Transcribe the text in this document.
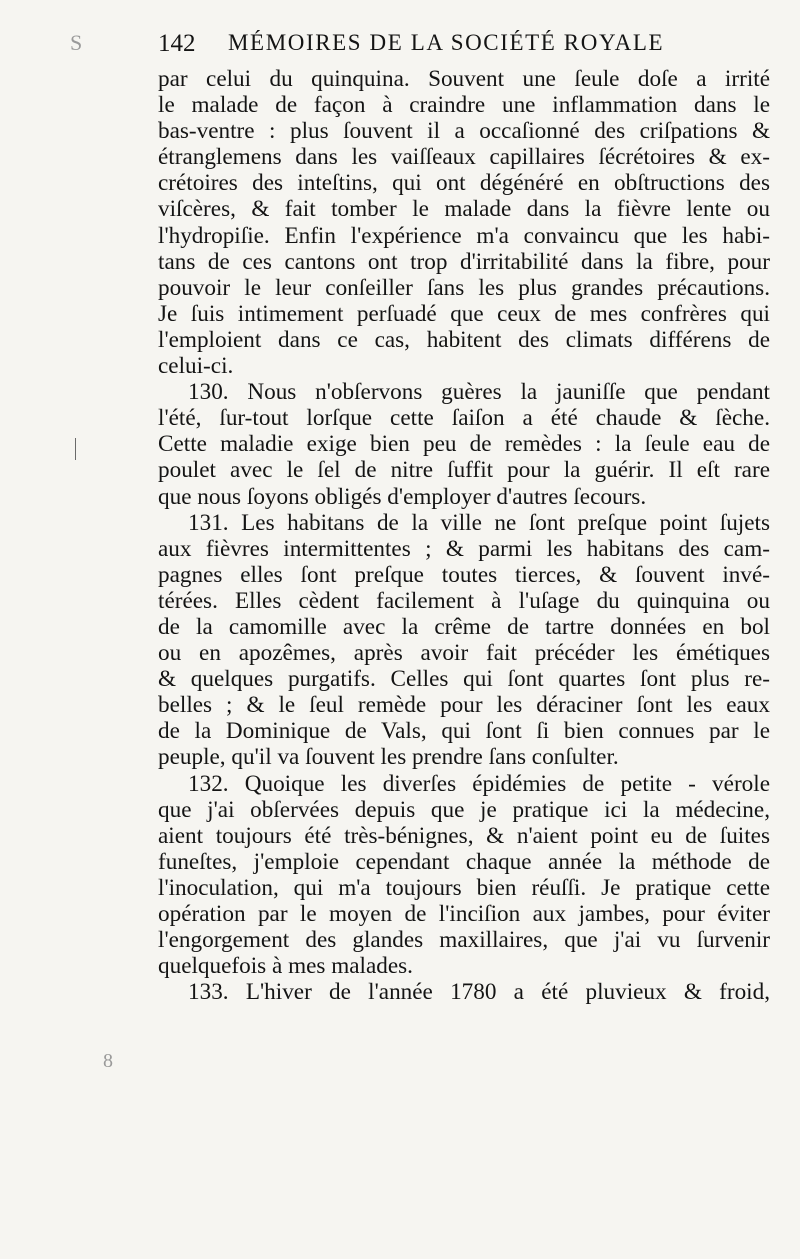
S	142 MÉMOIRES DE LA SOCIÉTÉ ROYALE
par celui du quinquina. Souvent une ſeule doſe a irrité
le malade de façon à craindre une inflammation dans le
bas-ventre : plus ſouvent il a occaſionné des criſpations &
étranglemens dans les vaiſſeaux capillaires ſécrétoires & ex-
crétoires des inteſtins, qui ont dégénéré en obſtructions des
viſcères, & fait tomber le malade dans la fièvre lente ou
l'hydropiſie. Enfin l'expérience m'a convaincu que les habi-
tans de ces cantons ont trop d'irritabilité dans la fibre, pour
pouvoir le leur conſeiller ſans les plus grandes précautions.
Je ſuis intimement perſuadé que ceux de mes confrères qui
l'emploient dans ce cas, habitent des climats différens de
celui-ci.
130. Nous n'obſervons guères la jauniſſe que pendant
l'été, ſur-tout lorſque cette ſaiſon a été chaude & ſèche.
Cette maladie exige bien peu de remèdes : la ſeule eau de
poulet avec le ſel de nitre ſuffit pour la guérir. Il eſt rare
que nous ſoyons obligés d'employer d'autres ſecours.
131. Les habitans de la ville ne ſont preſque point ſujets
aux fièvres intermittentes ; & parmi les habitans des cam-
pagnes elles ſont preſque toutes tierces, & ſouvent invé-
térées. Elles cèdent facilement à l'uſage du quinquina ou
de la camomille avec la crême de tartre données en bol
ou en apozêmes, après avoir fait précéder les émétiques
& quelques purgatifs. Celles qui ſont quartes ſont plus re-
belles ; & le ſeul remède pour les déraciner ſont les eaux
de la Dominique de Vals, qui ſont ſi bien connues par le
peuple, qu'il va ſouvent les prendre ſans conſulter.
132. Quoique les diverſes épidémies de petite - vérole
que j'ai obſervées depuis que je pratique ici la médecine,
aient toujours été très-bénignes, & n'aient point eu de ſuites
funeſtes, j'emploie cependant chaque année la méthode de
l'inoculation, qui m'a toujours bien réuſſi. Je pratique cette
opération par le moyen de l'inciſion aux jambes, pour éviter
l'engorgement des glandes maxillaires, que j'ai vu ſurvenir
quelquefois à mes malades.
133. L'hiver de l'année 1780 a été pluvieux & froid,
8
